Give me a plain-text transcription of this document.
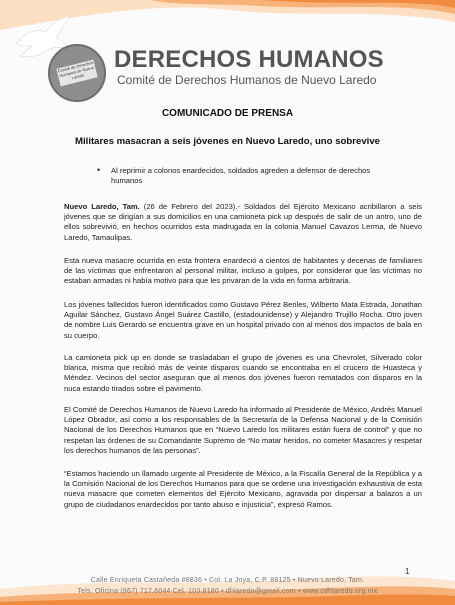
Comité de Derechos Humanos de Nuevo Laredo
DERECHOS HUMANOS
Comité de Derechos Humanos de Nuevo Laredo
COMUNICADO DE PRENSA
Militares masacran a seis jóvenes en Nuevo Laredo, uno sobrevive
• Al reprimir a colonos enardecidos, soldados agreden a defensor de derechos humanos
Nuevo Laredo, Tam. (26 de Febrero del 2023).- Soldados del Ejército Mexicano acribillaron a seis jóvenes que se dirigían a sus domicilios en una camioneta pick up después de salir de un antro, uno de ellos sobrevivió, en hechos ocurridos esta madrugada en la colonia Manuel Cavazos Lerma, de Nuevo Laredo, Tamaulipas.
Esta nueva masacre ocurrida en esta frontera enardeció a cientos de habitantes y decenas de familiares de las víctimas que enfrentaron al personal militar, incluso a golpes, por considerar que las víctimas no estaban armadas ni había motivo para que les privaran de la vida en forma arbitraria.
Los jóvenes fallecidos fueron identificados como Gustavo Pérez Beriles, Wilberto Mata Estrada, Jonathan Aguilar Sánchez, Gustavo Ángel Suárez Castillo, (estadounidense) y Alejandro Trujillo Rocha. Otro joven de nombre Luis Gerardo se encuentra grave en un hospital privado con al menos dos impactos de bala en su cuerpo.
La camioneta pick up en donde se trasladaban el grupo de jóvenes es una Chevrolet, Silverado color blanca, misma que recibió más de veinte disparos cuando se encontraba en el crucero de Huasteca y Méndez. Vecinos del sector aseguran que al menos dos jóvenes fueron rematados con disparos en la nuca estando tirados sobre el pavimento.
El Comité de Derechos Humanos de Nuevo Laredo ha informado al Presidente de México, Andrés Manuel López Obrador, así como a los responsables de la Secretaría de la Defensa Nacional y de la Comisión Nacional de los Derechos Humanos que en “Nuevo Laredo los militares están fuera de control” y que no respetan las órdenes de su Comandante Supremo de “No matar heridos, no cometer Masacres y respetar los derechos humanos de las personas”.
“Estamos haciendo un llamado urgente al Presidente de México, a la Fiscalía General de la República y a la Comisión Nacional de los Derechos Humanos para que se ordene una investigación exhaustiva de esta nueva masacre que cometen elementos del Ejército Mexicano, agravada por dispersar a balazos a un grupo de ciudadanos enardecidos por tanto abuso e injusticia”, expresó Ramos.
1
Calle Enriqueta Castañeda #8836 • Col. La Joya, C.P. 88125 • Nuevo Laredo, Tam.
Tels. Oficina (867) 717.6044 Cel. 103.8180 • dhlaredo@gmail.com • www.cdhlaredo.org.mx
